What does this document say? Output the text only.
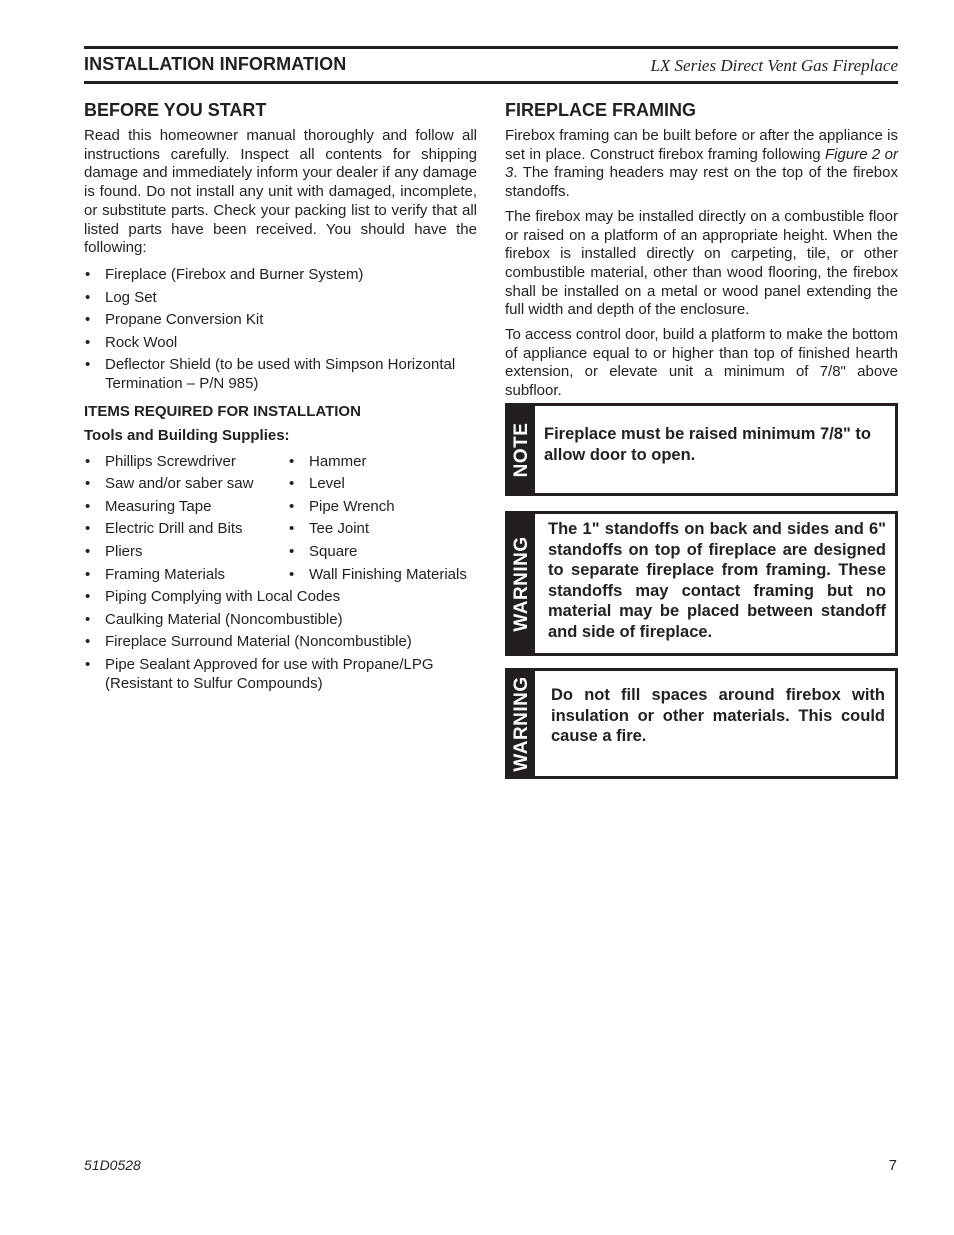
INSTALLATION INFORMATION	LX Series Direct Vent Gas Fireplace
BEFORE YOU START

Read this homeowner manual thoroughly and follow all instructions carefully. Inspect all contents for shipping damage and immediately inform your dealer if any damage is found. Do not install any unit with damaged, incomplete, or substitute parts. Check your packing list to verify that all listed parts have been received. You should have the following:

• Fireplace (Firebox and Burner System)
• Log Set
• Propane Conversion Kit
• Rock Wool
• Deflector Shield (to be used with Simpson Horizontal Termination – P/N 985)
ITEMS REQUIRED FOR INSTALLATION
Tools and Building Supplies:
• Phillips Screwdriver
• Saw and/or saber saw
• Measuring Tape
• Electric Drill and Bits
• Pliers
• Framing Materials
• Hammer
• Level
• Pipe Wrench
• Tee Joint
• Square
• Wall Finishing Materials
• Piping Complying with Local Codes
• Caulking Material (Noncombustible)
• Fireplace Surround Material (Noncombustible)
• Pipe Sealant Approved for use with Propane/LPG (Resistant to Sulfur Compounds)
FIREPLACE FRAMING

Firebox framing can be built before or after the appliance is set in place. Construct firebox framing following Figure 2 or 3. The framing headers may rest on the top of the firebox standoffs.

The firebox may be installed directly on a combustible floor or raised on a platform of an appropriate height. When the firebox is installed directly on carpeting, tile, or other combustible material, other than wood flooring, the firebox shall be installed on a metal or wood panel extending the full width and depth of the enclosure.

To access control door, build a platform to make the bottom of appliance equal to or higher than top of finished hearth extension, or elevate unit a minimum of 7/8" above subfloor.

NOTE Fireplace must be raised minimum 7/8" to allow door to open.
WARNING
The 1" standoffs on back and sides and 6" standoffs on top of fireplace are designed to separate fireplace from framing. These standoffs may contact framing but no material may be placed between standoff and side of fireplace.
WARNING Do not fill spaces around firebox with insulation or other materials. This could cause a fire.
51D0528	7
